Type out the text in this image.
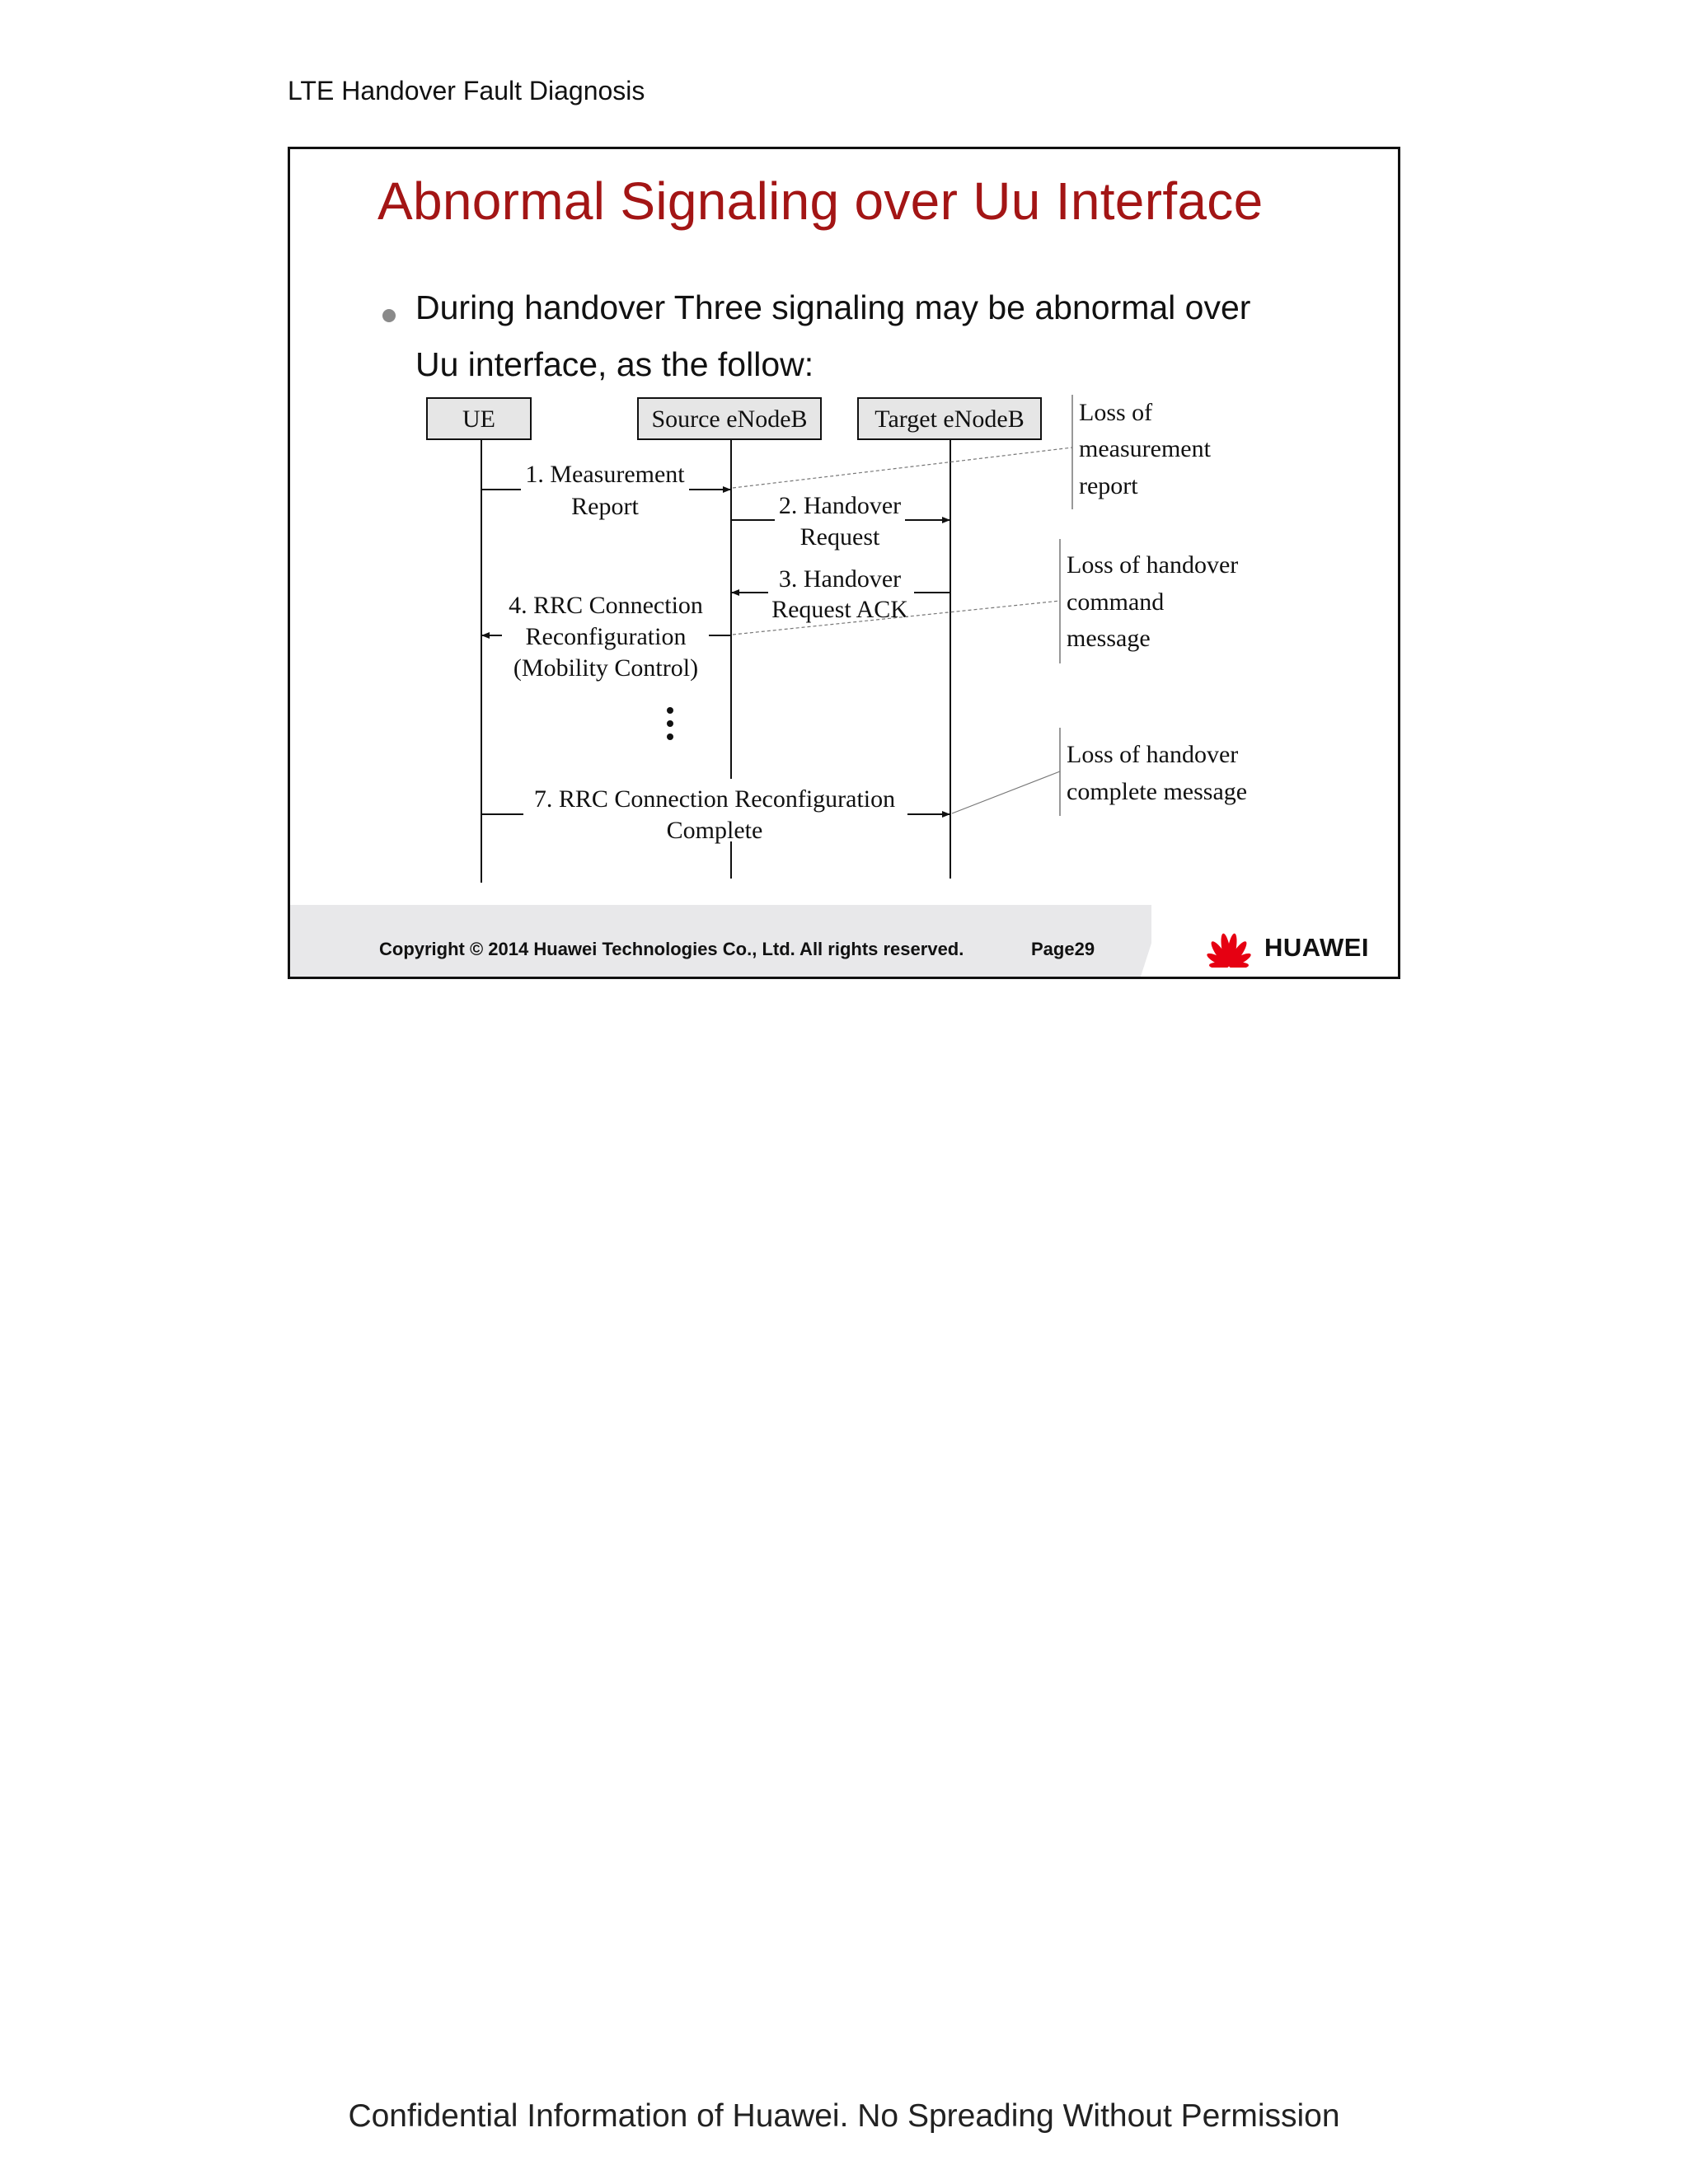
LTE Handover Fault Diagnosis
Abnormal Signaling over Uu Interface
During handover Three signaling may be abnormal over Uu interface, as the follow:
UE	Source eNodeB	Target eNodeB
1. Measurement
Report	2. Handover
Request
3. Handover
Request ACK
4. RRC Connection
Reconfiguration
(Mobility Control)
7. RRC Connection Reconfiguration
Complete
Loss of
measurement
report
Loss of handover
command
message
Loss of handover
complete message
Copyright © 2014 Huawei Technologies Co., Ltd. All rights reserved.	Page29	HUAWEI
Confidential Information of Huawei. No Spreading Without Permission
